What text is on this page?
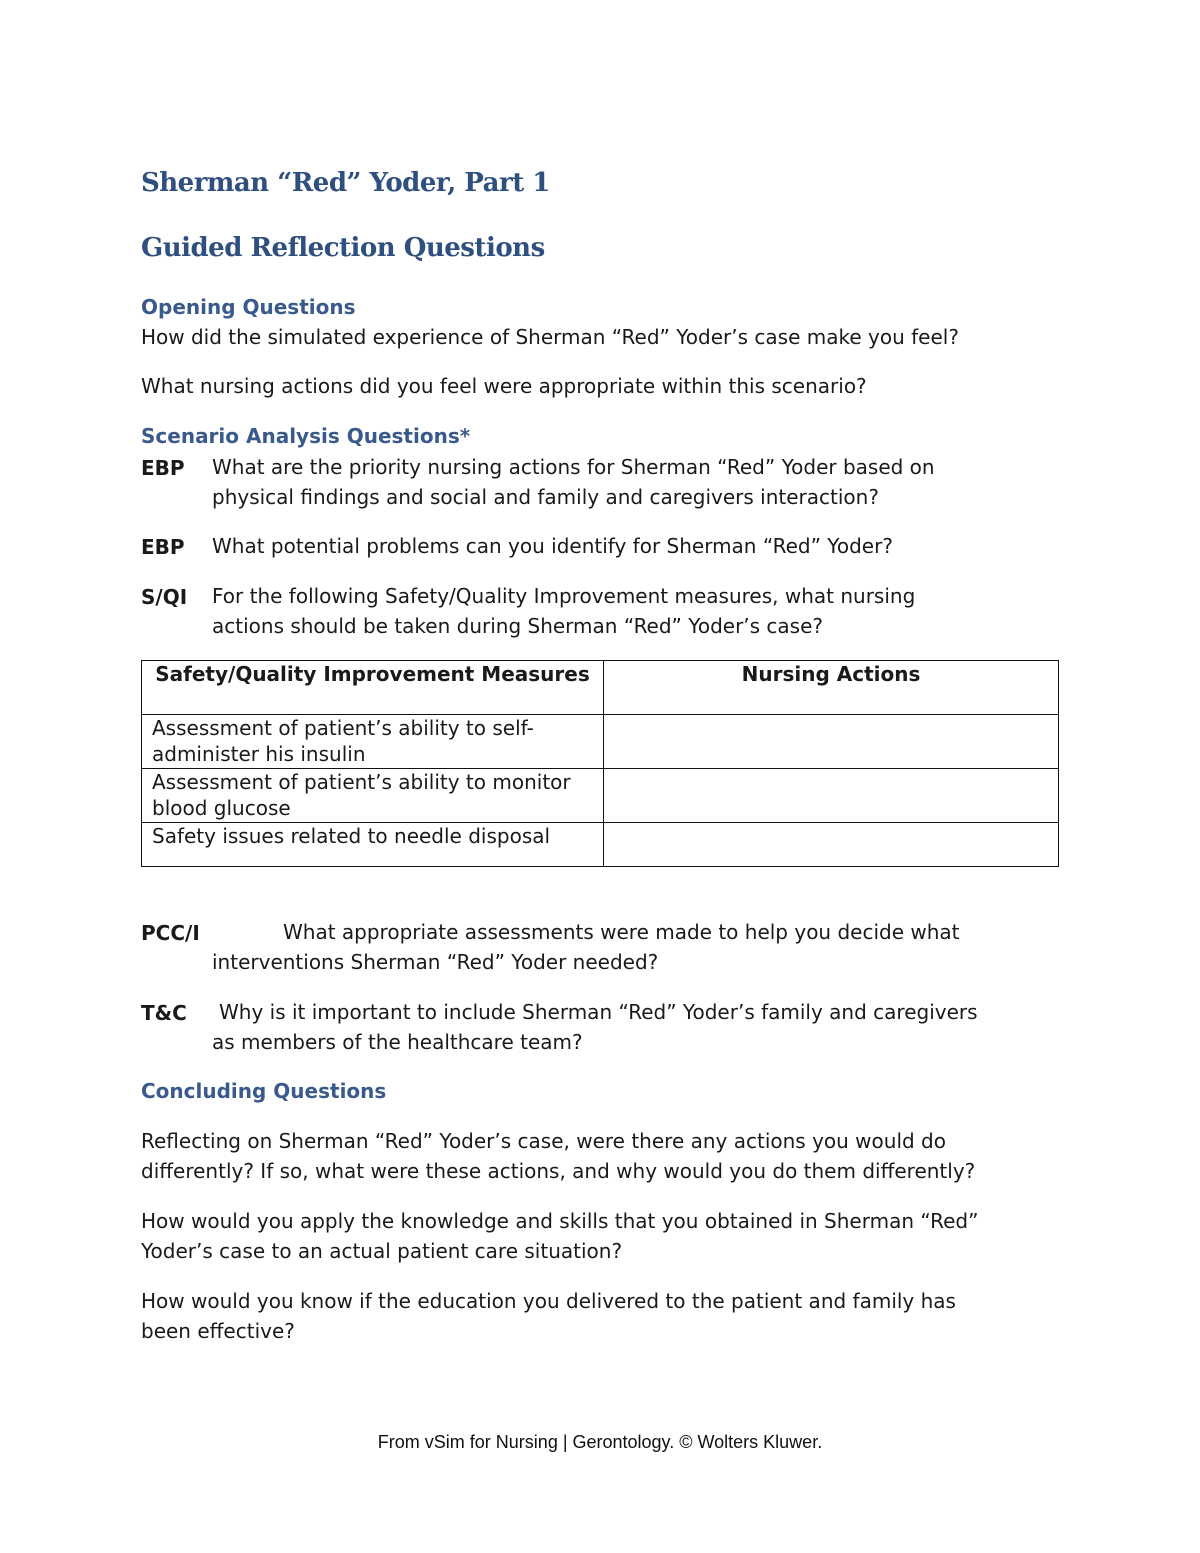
Sherman “Red” Yoder, Part 1
Guided Reflection Questions
Opening Questions
How did the simulated experience of Sherman “Red” Yoder’s case make you feel?
What nursing actions did you feel were appropriate within this scenario?
Scenario Analysis Questions*
EBP What are the priority nursing actions for Sherman “Red” Yoder based on
physical findings and social and family and caregivers interaction?
EBP What potential problems can you identify for Sherman “Red” Yoder?
S/QI For the following Safety/Quality Improvement measures, what nursing
actions should be taken during Sherman “Red” Yoder’s case?
Safety/Quality Improvement Measures	Nursing Actions
Assessment of patient’s ability to self-administer his insulin	
Assessment of patient’s ability to monitor blood glucose	
Safety issues related to needle disposal	
PCC/I	What appropriate assessments were made to help you decide what
interventions Sherman “Red” Yoder needed?
T&C Why is it important to include Sherman “Red” Yoder’s family and caregivers
as members of the healthcare team?
Concluding Questions
Reflecting on Sherman “Red” Yoder’s case, were there any actions you would do
differently? If so, what were these actions, and why would you do them differently?
How would you apply the knowledge and skills that you obtained in Sherman “Red”
Yoder’s case to an actual patient care situation?
How would you know if the education you delivered to the patient and family has
been effective?
From vSim for Nursing | Gerontology. © Wolters Kluwer.
